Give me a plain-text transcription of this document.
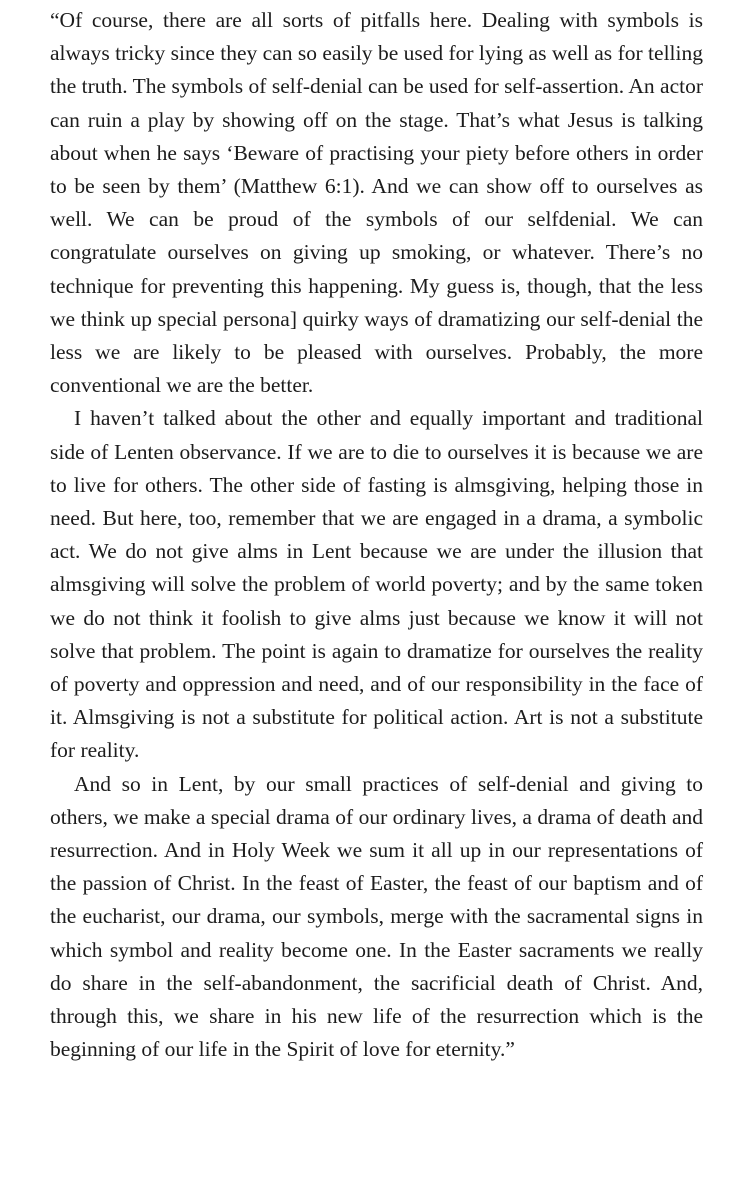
“Of course, there are all sorts of pitfalls here. Dealing with symbols is always tricky since they can so easily be used for lying as well as for telling the truth. The symbols of self-denial can be used for self-assertion. An actor can ruin a play by showing off on the stage. That’s what Jesus is talking about when he says ‘Beware of practising your piety before others in order to be seen by them’ (Matthew 6:1). And we can show off to ourselves as well. We can be proud of the symbols of our selfdenial. We can congratulate ourselves on giving up smoking, or whatever. There’s no technique for preventing this happening. My guess is, though, that the less we think up special persona] quirky ways of dramatizing our self-denial the less we are likely to be pleased with ourselves. Probably, the more conventional we are the better.

I haven’t talked about the other and equally important and traditional side of Lenten observance. If we are to die to ourselves it is because we are to live for others. The other side of fasting is almsgiving, helping those in need. But here, too, remember that we are engaged in a drama, a symbolic act. We do not give alms in Lent because we are under the illusion that almsgiving will solve the problem of world poverty; and by the same token we do not think it foolish to give alms just because we know it will not solve that problem. The point is again to dramatize for ourselves the reality of poverty and oppression and need, and of our responsibility in the face of it. Almsgiving is not a substitute for political action. Art is not a substitute for reality.

And so in Lent, by our small practices of self-denial and giving to others, we make a special drama of our ordinary lives, a drama of death and resurrection. And in Holy Week we sum it all up in our representations of the passion of Christ. In the feast of Easter, the feast of our baptism and of the eucharist, our drama, our symbols, merge with the sacramental signs in which symbol and reality become one. In the Easter sacraments we really do share in the self-abandonment, the sacrificial death of Christ. And, through this, we share in his new life of the resurrection which is the beginning of our life in the Spirit of love for eternity.”
